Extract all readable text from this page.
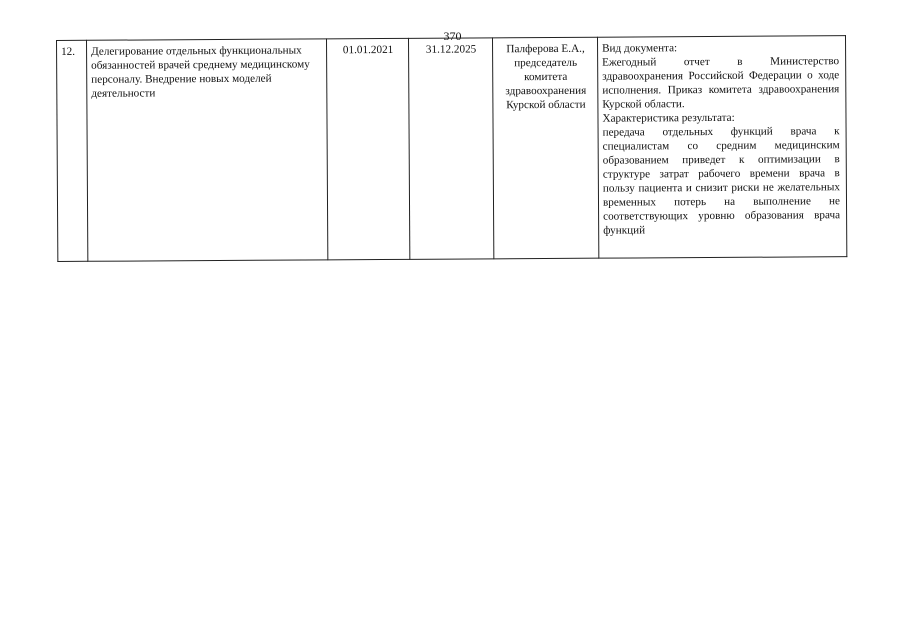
370
12.	Делегирование отдельных функциональных обязанностей врачей среднему медицинскому персоналу. Внедрение новых моделей деятельности	01.01.2021	31.12.2025	Палферова Е.А., председатель комитета здравоохранения Курской области	
Вид документа:
Ежегодный отчет в Министерство здравоохранения Российской Федерации о ходе исполнения. Приказ комитета здравоохранения Курской области.
Характеристика результата:
передача отдельных функций врача к специалистам со средним медицинским образованием приведет к оптимизации в структуре затрат рабочего времени врача в пользу пациента и снизит риски не желательных временных потерь на выполнение не соответствующих уровню образования врача функций
